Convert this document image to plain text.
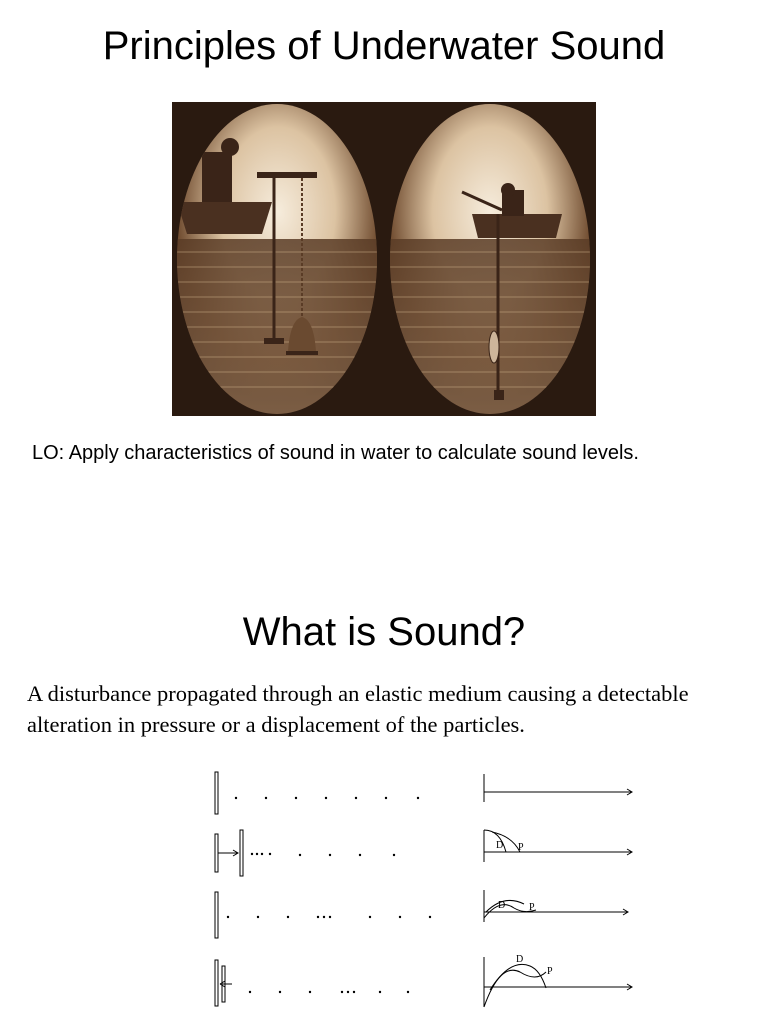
Principles of Underwater Sound
LO: Apply characteristics of sound in water to calculate sound levels.
What is Sound?
A disturbance propagated through an elastic medium causing a detectable alteration in pressure or a displacement of the particles.
D P
D P
D
P
